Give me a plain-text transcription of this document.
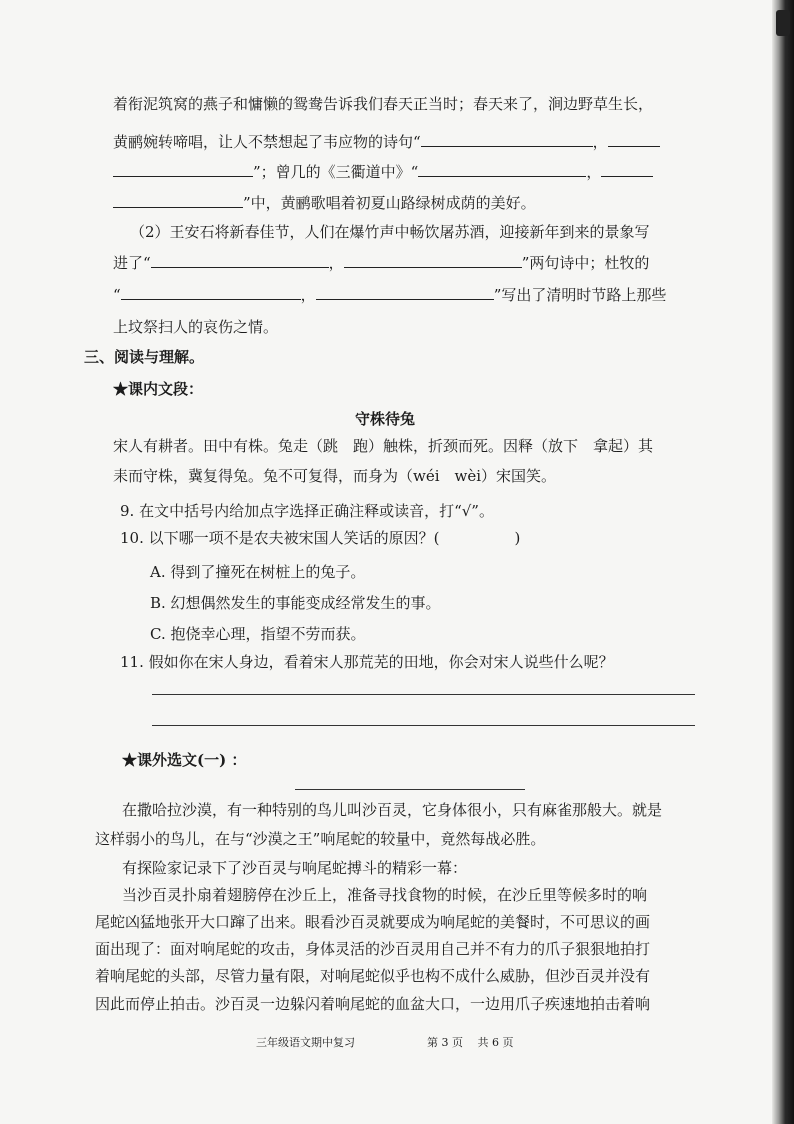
着衔泥筑窝的燕子和慵懒的鸳鸯告诉我们春天正当时；春天来了，涧边野草生长，
黄鹂婉转啼唱，让人不禁想起了韦应物的诗句“	，
”；曾几的《三衢道中》“	，
”中，黄鹂歌唱着初夏山路绿树成荫的美好。
（2）王安石将新春佳节，人们在爆竹声中畅饮屠苏酒，迎接新年到来的景象写
进了“	，	”两句诗中；杜牧的
“	，	”写出了清明时节路上那些
上坟祭扫人的哀伤之情。
三、阅读与理解。
★课内文段：
守株待兔
宋人有耕者。田中有株。兔走（跳　跑）触株，折颈而死。因释（放下　拿起）其
耒而守株，冀复得兔。兔不可复得，而身为（wéi　wèi）宋国笑。
9. 在文中括号内给加点字选择正确注释或读音，打“√”。
10. 以下哪一项不是农夫被宋国人笑话的原因？(　　　　　)
A. 得到了撞死在树桩上的兔子。
B. 幻想偶然发生的事能变成经常发生的事。
C. 抱侥幸心理，指望不劳而获。
11. 假如你在宋人身边，看着宋人那荒芜的田地，你会对宋人说些什么呢？
★课外选文(一) ：
在撒哈拉沙漠，有一种特别的鸟儿叫沙百灵，它身体很小，只有麻雀那般大。就是
这样弱小的鸟儿，在与“沙漠之王”响尾蛇的较量中，竟然每战必胜。
有探险家记录下了沙百灵与响尾蛇搏斗的精彩一幕：
当沙百灵扑扇着翅膀停在沙丘上，准备寻找食物的时候，在沙丘里等候多时的响
尾蛇凶猛地张开大口蹿了出来。眼看沙百灵就要成为响尾蛇的美餐时，不可思议的画
面出现了：面对响尾蛇的攻击，身体灵活的沙百灵用自己并不有力的爪子狠狠地拍打
着响尾蛇的头部，尽管力量有限，对响尾蛇似乎也构不成什么威胁，但沙百灵并没有
因此而停止拍击。沙百灵一边躲闪着响尾蛇的血盆大口，一边用爪子疾速地拍击着响
三年级语文期中复习	第 3 页　 共 6 页
